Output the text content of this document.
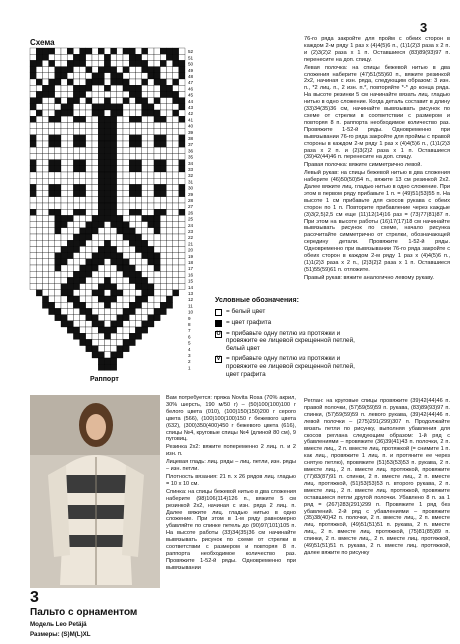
3
Схема
52
51
50
49
48
47
46
45
44
43
42
41
40
39
38
37
36
35
34
33
32
31
30
29
28
27
26
25
24
23
22
21
20
19
18
17
16
15
14
13
12
11
10
9
8
7
6
5
4
3
2
1
Раппорт
Условные обозначения:
= белый цвет
= цвет графита
U = прибавьте одну петлю из протяжки и провяжите ее лицевой скрещенной петлей, белый цвет
V = прибавьте одну петлю из протяжки и провяжите ее лицевой скрещенной петлей, цвет графита

76-го ряда закройте для пройм с обеих сторон в каждом 2-м ряду 1 раз х (4)4(5)6 п., (1)1(2)3 раза х 2 п. и (2)3(2)2 раза х 1 п. Оставшиеся (83)89(93)97 п. перенесите на доп. спицу.

Левая полочка: на спицы бежевой нитью в два сложения наберите (47)51(55)60 п., вяжите резинкой 2х2, начиная с изн. ряда, следующим образом: 3 изн. п., *2 лиц. п., 2 изн. п.*, повторяйте *-* до конца ряда. На высоте резинки 5 см начинайте вязать лиц. гладью нитью в одно сложение. Когда деталь составит в длину (33)34(35)36 см, начинайте вывязывать рисунок по схеме от стрелки в соответствии с размером и повторяя 8 п. раппорта необходимое количество раз. Провяжите 1-52-й ряды. Одновременно при вывязывании 76-го ряда закройте для проймы с правой стороны в каждом 2-м ряду 1 раз х (4)4(5)6 п., (1)1(2)3 раза х 2 п. и (2)3(2)2 раза х 1 п. Оставшиеся (39)42(44)46 п. перенесите на доп. спицу.

Правая полочка: вяжите симметрично левой.

Левый рукав: на спицы бежевой нитью в два сложения наберите (46)50(50)54 п., вяжите 13 см резинкой 2х2. Далее вяжите лиц. гладью нитью в одно сложение. При этом в первом ряду прибавьте 1 п. = (49)51(53)55 п. На высоте 1 см прибавьте для скосов рукава с обеих сторон по 1 п. Повторите прибавление через каждые (3)3(2,5)2,5 см еще (11)12(14)16 раз = (73)77(81)87 п. При этом на высоте работы (16)17(17)18 см начинайте вывязывать рисунок по схеме, начало рисунка расочитайте симметрично от стрелки, обозначающей середину детали. Провяжите 1-52-й ряды. Одновременно при вывязывании 76-го ряда закройте с обеих сторон в каждом 2-м ряду 1 раз х (4)4(5)6 п., (1)1(2)3 раза х 2 п., (2)3(2)2 раза х 1 п. Оставшиеся (51)55(59)61 п. отложите.

Правый рукав: вяжите аналогично левому рукаву.

3
Пальто с орнаментом
Модель Leo Petäjä
Размеры: (S)M(L)XL

Вам потребуется: пряжа Novita Rosa (70% акрил, 30% шерсть, 190 м/50 г) – (50)100(100)100 г белого цвета (010), (100)150(150)200 г серого цвета (566), (100)100(100)150 г бежевого цвета (632), (300)350(400)450 г бежевого цвета (616), спицы №4, круговые спицы №4 (длиной 80 см), 9 пуговиц.

Резинка 2х2: вяжите попеременно 2 лиц. п. и 2 изн. п.

Лицевая гладь: лиц. ряды – лиц. петли, изн. ряды – изн. петли.

Плотность вязания: 21 п. х 26 рядов лиц. гладью = 10 х 10 см.

Спинка: на спицы бежевой нитью в два сложения наберите (98)106(114)126 п., вяжите 5 см резинкой 2х2, начиная с изн. ряда 2 лиц. п. Далее вяжите лиц. гладью нитью в одно сложение. При этом в 1-м ряду равномерно убавляйте по спинке петель до (90)97(101)105 п. На высоте работы (33)34(35)36 см начинайте вывязывать рисунок по схеме от стрелки в соответствии с размером и повторяя 8 п. раппорта необходимое количество раз. Провяжите 1-52-й ряды. Одновременно при вывязывании

Реглан: на круговые спицы провяжите (39)42(44)46 п. правой полочки, (57)59(59)59 п. рукава, (83)89(93)97 п. спинки, (57)59(59)59 п. левого рукава, (39)42(44)46 п. левой полочки – (275)291(299)307 п. Продолжайте вязать петли по рисунку, выполняя убавления для скосов реглана следующим образом: 1-й ряд с убавлениями – провяжите (36)39(41)43 п. полочки, 2 п. вместе лиц., 2 п. вместе лиц. протяжкой (= снимите 1 п. как лиц., провяжите 1 лиц. п. и протяните ее через снятую петлю), провяжите (51)53(53)53 п. рукава, 2 п. вместе лиц., 2 п. вместе лиц. протяжкой, провяжите (77)83(87)91 п. спинки, 2 п. вместе лиц., 2 п. вместе лиц. протяжкой, (51)53(53)53 п. второго рукава, 2 п. вместе лиц., 2 п. вместе лиц. протяжкой, провяжите оставшиеся петли другой полочки. Убавлено 8 п. за 1 ряд = (267)283(291)299 п. Провяжите 1 ряд без убавлений. 2-й ряд с убавлениями – провяжите (35)38(40)42 п. полочки, 2 п. вместе лиц., 2 п. вместе лиц. протяжкой, (49)51(51)51 п. рукава, 2 п. вместе лиц., 2 п. вместе лиц. протяжкой, (75)81(85)89 п. спинки, 2 п. вместе лиц., 2 п. вместе лиц. протяжкой, (49)51(51)51 п. рукава, 2 п. вместе лиц. протяжкой, далее вяжите по рисунку
